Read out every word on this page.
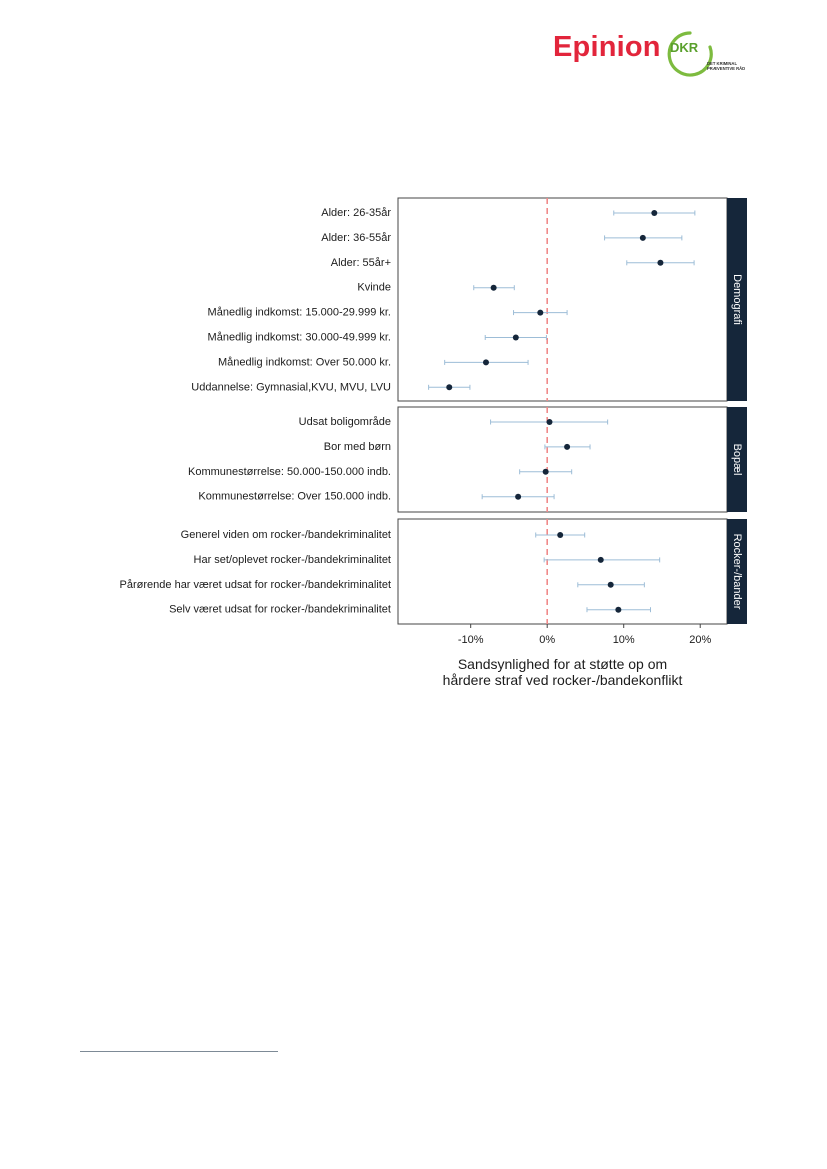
Epinion DKR
DET KRIMINAL
PRÆVENTIVE RÅD
Demografi
Alder: 26-35år
Alder: 36-55år
Alder: 55år+
Kvinde
Månedlig indkomst: 15.000-29.999 kr.
Månedlig indkomst: 30.000-49.999 kr.
Månedlig indkomst: Over 50.000 kr.
Uddannelse: Gymnasial,KVU, MVU, LVU
Bopæl
Udsat boligområde
Bor med børn
Kommunestørrelse: 50.000-150.000 indb.
Kommunestørrelse: Over 150.000 indb.
Rocker-/bander
Generel viden om rocker-/bandekriminalitet
Har set/oplevet rocker-/bandekriminalitet
Pårørende har været udsat for rocker-/bandekriminalitet
Selv været udsat for rocker-/bandekriminalitet
-10%	0%	10%	20%
Sandsynlighed for at støtte op om
hårdere straf ved rocker-/bandekonflikt
